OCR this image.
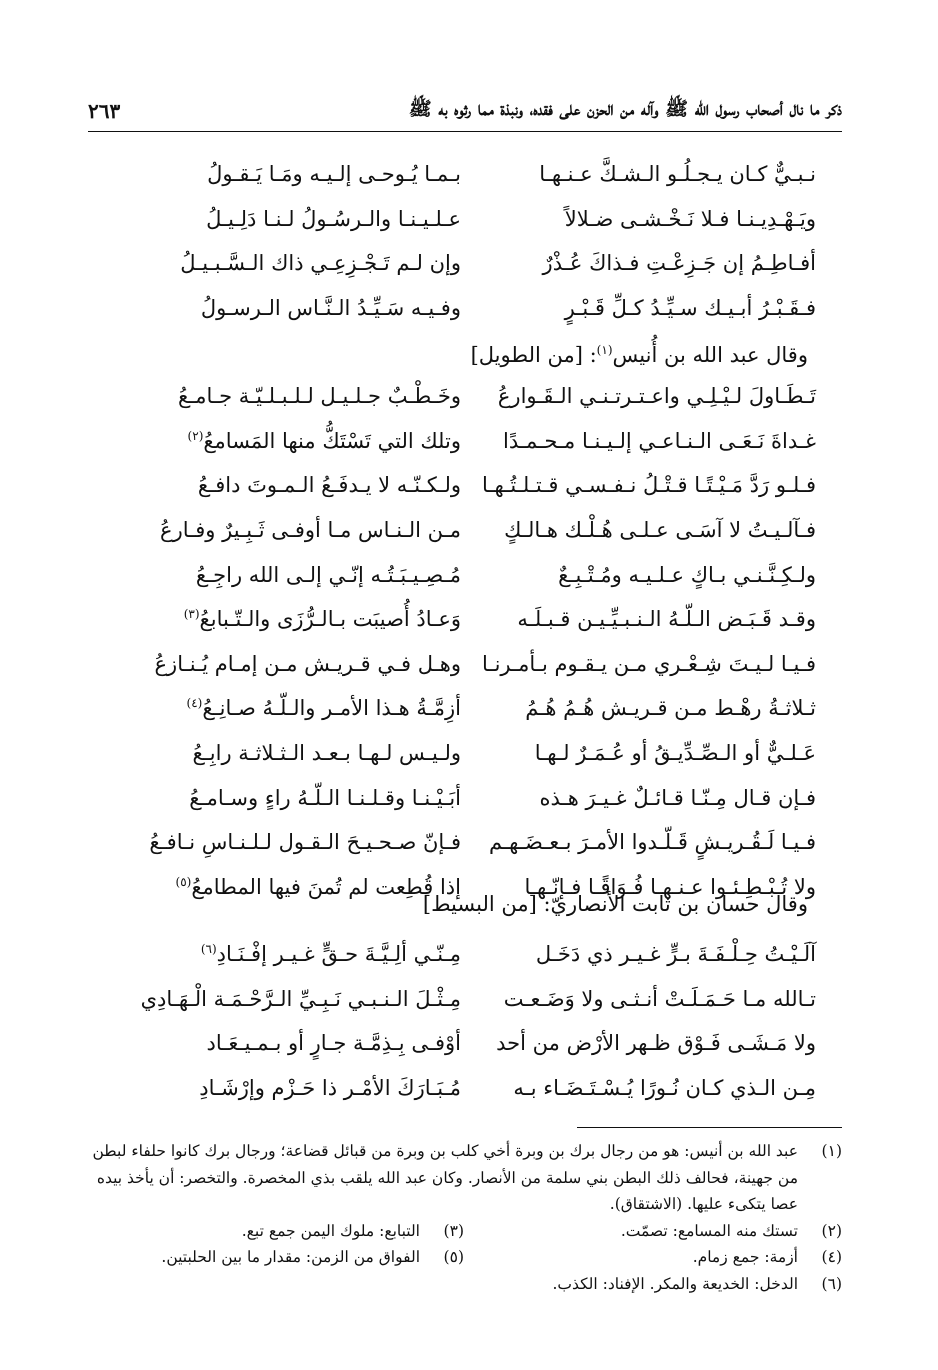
ذكر ما نال أصحاب رسول الله ﷺ وآله من الحزن على فقده، ونبذة مما رثوه به ﷺ
٢٦٣
نـبـيٌّ كـان يـجـلُـو الـشـكَّ عـنـهـا
بـمـا يُـوحـى إلـيـه ومَـا يَـقـولُ
ويَـهْـدِيـنـا فـلا نَـخْـشـى ضـلالاً
عـلـيـنـا والـرسُـولُ لـنـا دَلِـيـلُ
أفـاطِـمُ إن جَـزِعْـتِ فـذاكَ عُـذْرٌ
وإن لـم تَـجْـزِعِـي ذاك الـسَّـبـيـلُ
فـقَـبْـرُ أبـيـك سـيِّـدُ كـلِّ قَـبْـرٍ
وفـيـه سَـيِّـدُ الـنَّـاس الـرسـولُ
وقال عبد الله بن أُنيس$^{(١)}$: [من الطويل]
تَـطَـاولَ لـيْـلِـي واعـتـرتـنـي الـقَـوارعُ
وخَـطْـبٌ جـلـيـل لـلـبـلـيّـة جـامـعُ
غـداةَ نَـعَـى الـنـاعـي إلـيـنـا مـحـمـدًا
وتلك التي تَسْتَكُّ منها المَسامعُ$^{(٢)}$
فـلـو رَدَّ مَـيْـتًـا قـتْـلُ نـفـسـي قـتـلـتُـهـا
ولـكـنّـه لا يـدفَـعُ الـمـوتَ دافـعُ
فـآلـيـتُ لا آسَـى عـلـى هُـلْـك هـالـكٍ
مـن الـنـاس مـا أوفـى ثَـبِـيرٌ وفـارعُ
ولـكِـنَّـنـي بـاكٍ عـلـيـه ومُـتْـبِـعٌ
مُـصِـيـبَـتُـه إنّـي إلـى الله راجِـعُ
وقـد قَـبَـض الـلّـهُ الـنـبـيِّـيـن قـبـلَـه
وَعـادُ أُصيبَت بـالـرُّزَى والـتّـبابعُ$^{(٣)}$
فـيـا لـيـتَ شِـعْـري مـن يـقـوم بـأمـرنـا
وهـل فـي قـريـش مـن إمـام يُـنـازعُ
ثـلاثـةُ رهْـط مـن قـريـش هُـمُ هُـمُ
أزِمَّـةُ هـذا الأمـر والـلّـهُ صـانِـعُ$^{(٤)}$
عَـلـيٌّ أو الـصِّـدِّيـقُ أو عُـمَـرٌ لـهـا
ولـيـس لـهـا بـعـد الـثـلاثـة رابِـعُ
فـإن قـال مِـنّـا قـائـلٌ غـيـرَ هـذه
أبَـيْـنـا وقـلـنـا الـلّـهُ راءٍ وسـامـعُ
فـيـا لَـقُـريـشٍ قَـلّـدوا الأمـرَ بـعـضَـهـم
فـإنّ صـحـيـحَ الـقـول لـلـنـاسِ نـافـعُ
ولا تُـبْـطِـئـوا عـنـهـا فُـوَاقًـا فـإنّـهـا
إذا قُطِعت لم تُمنَ فيها المطامعُ$^{(٥)}$
وقال حسان بن ثابت الأنصاريّ: [من البسيط]
آلَـيْـتُ حِـلْـفَـةَ بـرٍّ غـيـر ذي دَخَـل
مِـنّـي ألِـيَّـةَ حـقٍّ غـيـر إفْـنَـادِ$^{(٦)}$
تـالله مـا حَـمَـلَـتْ أنـثـى ولا وَضَـعـت
مِـثْـلَ الـنـبـي نَـبِـيِّ الـرَّحْـمَـة الْـهَـادِي
ولا مَـشَـى فَـوْق ظـهر الأرْض من أحد
أوْفـى بِـذِمَّـة جـارٍ أو بـمـيـعَـاد
مِـن الـذي كـان نُـورًا يُـسْـتَـضَـاء بـه
مُـبَـارَكَ الأمْـر ذا حَـزْم وإرْشَـادِ
(١)
عبد الله بن أنيس: هو من رجال برك بن وبرة أخي كلب بن وبرة من قبائل قضاعة؛ ورجال برك كانوا حلفاء لبطن من جهينة، فحالف ذلك البطن بني سلمة من الأنصار. وكان عبد الله يلقب بذي المخصرة. والتخصر: أن يأخذ بيده عصا يتكىء عليها. (الاشتقاق).
(٢)
تستك منه المسامع: تصمّت.
(٣)
التبابع: ملوك اليمن جمع تبع.
(٤)
أزمة: جمع زمام.
(٥)
الفواق من الزمن: مقدار ما بين الحلبتين.
(٦)
الدخل: الخديعة والمكر. الإفناد: الكذب.
